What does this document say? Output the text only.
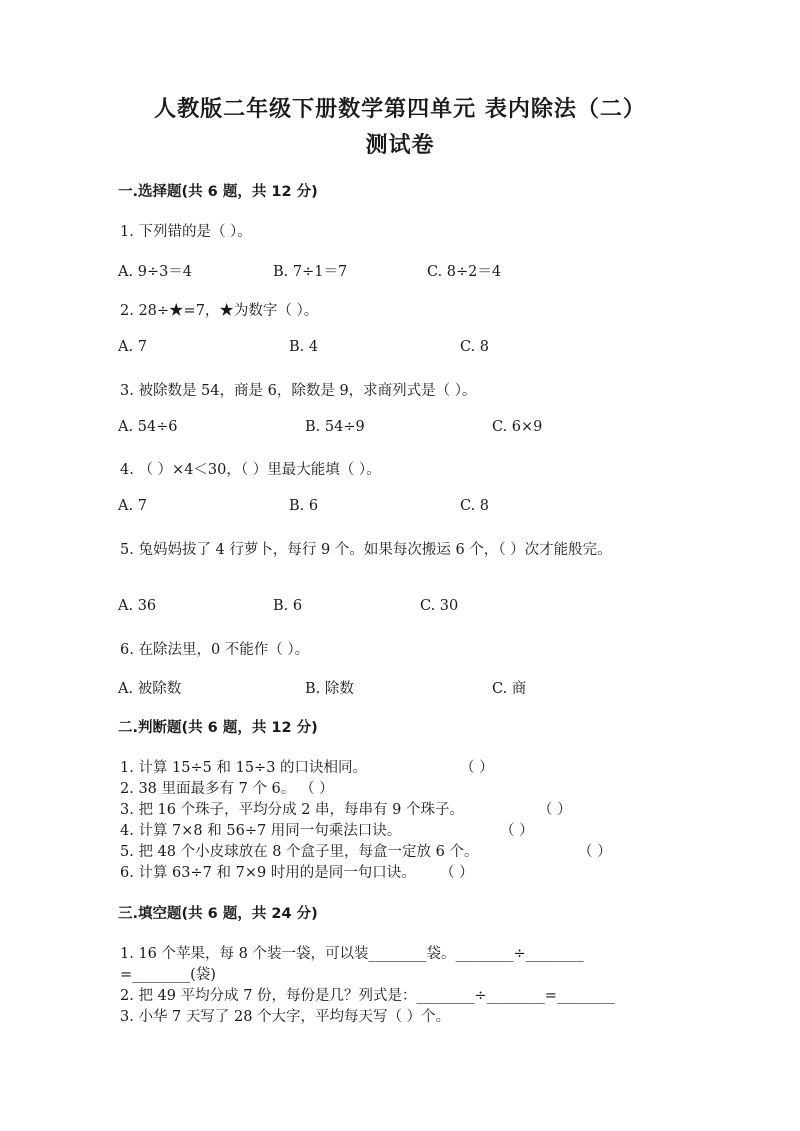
人教版二年级下册数学第四单元 表内除法（二）
测试卷
一.选择题(共 6 题，共 12 分)
1. 下列错的是（ ）。
A. 9÷3＝4	B. 7÷1＝7	C. 8÷2＝4
2. 28÷★=7，★为数字（ ）。
A. 7	B. 4	C. 8
3. 被除数是 54，商是 6，除数是 9，求商列式是（ ）。
A. 54÷6	B. 54÷9	C. 6×9
4. （ ）×4＜30，（ ）里最大能填（ ）。
A. 7	B. 6	C. 8
5. 兔妈妈拔了 4 行萝卜，每行 9 个。如果每次搬运 6 个，（ ）次才能般完。
A. 36	B. 6	C. 30
6. 在除法里，0 不能作（ ）。
A. 被除数	B. 除数	C. 商
二.判断题(共 6 题，共 12 分)
1. 计算 15÷5 和 15÷3 的口诀相同。	（ ）
2. 38 里面最多有 7 个 6。 （ ）
3. 把 16 个珠子，平均分成 2 串，每串有 9 个珠子。	（ ）
4. 计算 7×8 和 56÷7 用同一句乘法口诀。	（ ）
5. 把 48 个小皮球放在 8 个盒子里，每盒一定放 6 个。	（ ）
6. 计算 63÷7 和 7×9 时用的是同一句口诀。 （ ）
三.填空题(共 6 题，共 24 分)
1. 16 个苹果，每 8 个装一袋，可以装________袋。________÷________
=________(袋)
2. 把 49 平均分成 7 份，每份是几？列式是：________÷________=________
3. 小华 7 天写了 28 个大字，平均每天写（ ）个。
